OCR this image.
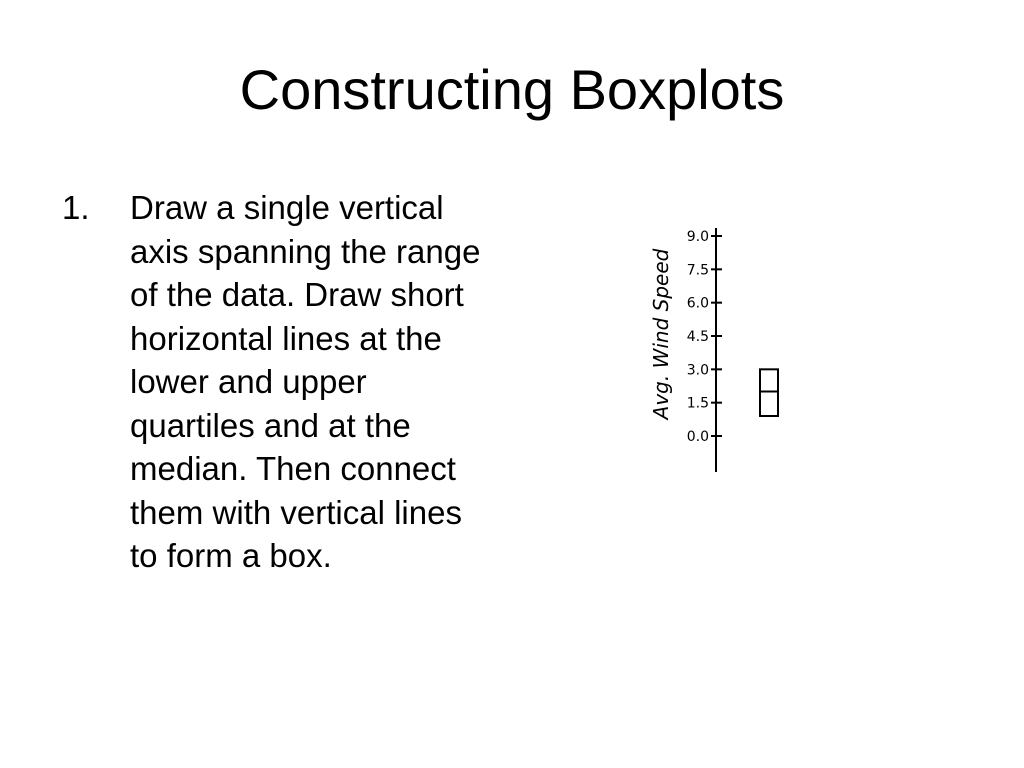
Constructing Boxplots
1. Draw a single vertical axis spanning the range of the data. Draw short horizontal lines at the lower and upper quartiles and at the median. Then connect them with vertical lines to form a box.
Avg. Wind Speed
0.0
1.5
3.0
4.5
6.0
7.5
9.0
